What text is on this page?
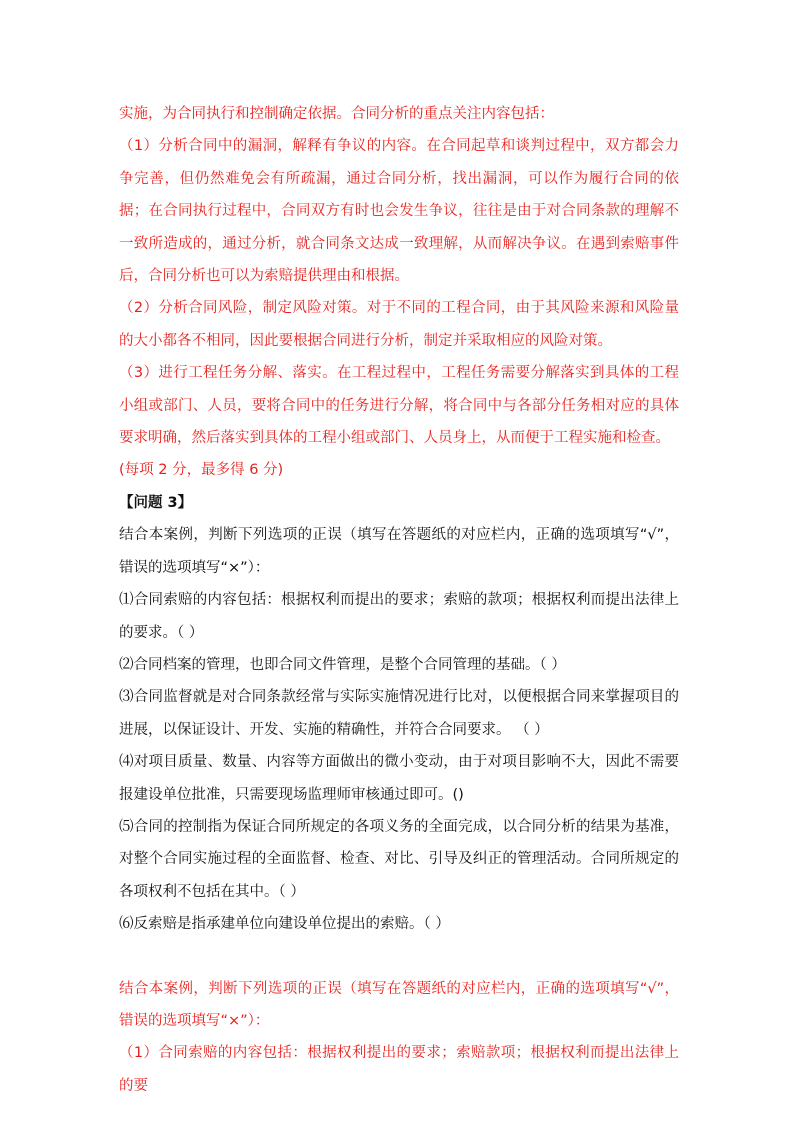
实施，为合同执行和控制确定依据。合同分析的重点关注内容包括：

（1）分析合同中的漏洞，解释有争议的内容。在合同起草和谈判过程中，双方都会力争完善，但仍然难免会有所疏漏，通过合同分析，找出漏洞，可以作为履行合同的依据；在合同执行过程中，合同双方有时也会发生争议，往往是由于对合同条款的理解不一致所造成的，通过分析，就合同条文达成一致理解，从而解决争议。在遇到索赔事件后，合同分析也可以为索赔提供理由和根据。

（2）分析合同风险，制定风险对策。对于不同的工程合同，由于其风险来源和风险量的大小都各不相同，因此要根据合同进行分析，制定并采取相应的风险对策。

（3）进行工程任务分解、落实。在工程过程中，工程任务需要分解落实到具体的工程小组或部门、人员，要将合同中的任务进行分解，将合同中与各部分任务相对应的具体要求明确，然后落实到具体的工程小组或部门、人员身上，从而便于工程实施和检查。

(每项 2 分，最多得 6 分)

【问题 3】

结合本案例，判断下列选项的正误（填写在答题纸的对应栏内，正确的选项填写“√”，错误的选项填写“×”）：

⑴合同索赔的内容包括：根据权利而提出的要求；索赔的款项；根据权利而提出法律上的要求。（ ）

⑵合同档案的管理，也即合同文件管理，是整个合同管理的基础。（ ）

⑶合同监督就是对合同条款经常与实际实施情况进行比对，以便根据合同来掌握项目的进展，以保证设计、开发、实施的精确性，并符合合同要求。 （ ）

⑷对项目质量、数量、内容等方面做出的微小变动，由于对项目影响不大，因此不需要报建设单位批准，只需要现场监理师审核通过即可。()

⑸合同的控制指为保证合同所规定的各项义务的全面完成，以合同分析的结果为基准，对整个合同实施过程的全面监督、检查、对比、引导及纠正的管理活动。合同所规定的各项权利不包括在其中。（ ）

⑹反索赔是指承建单位向建设单位提出的索赔。（ ）

结合本案例，判断下列选项的正误（填写在答题纸的对应栏内，正确的选项填写“√”，错误的选项填写“×”）：

（1）合同索赔的内容包括：根据权利提出的要求；索赔款项；根据权利而提出法律上的要
